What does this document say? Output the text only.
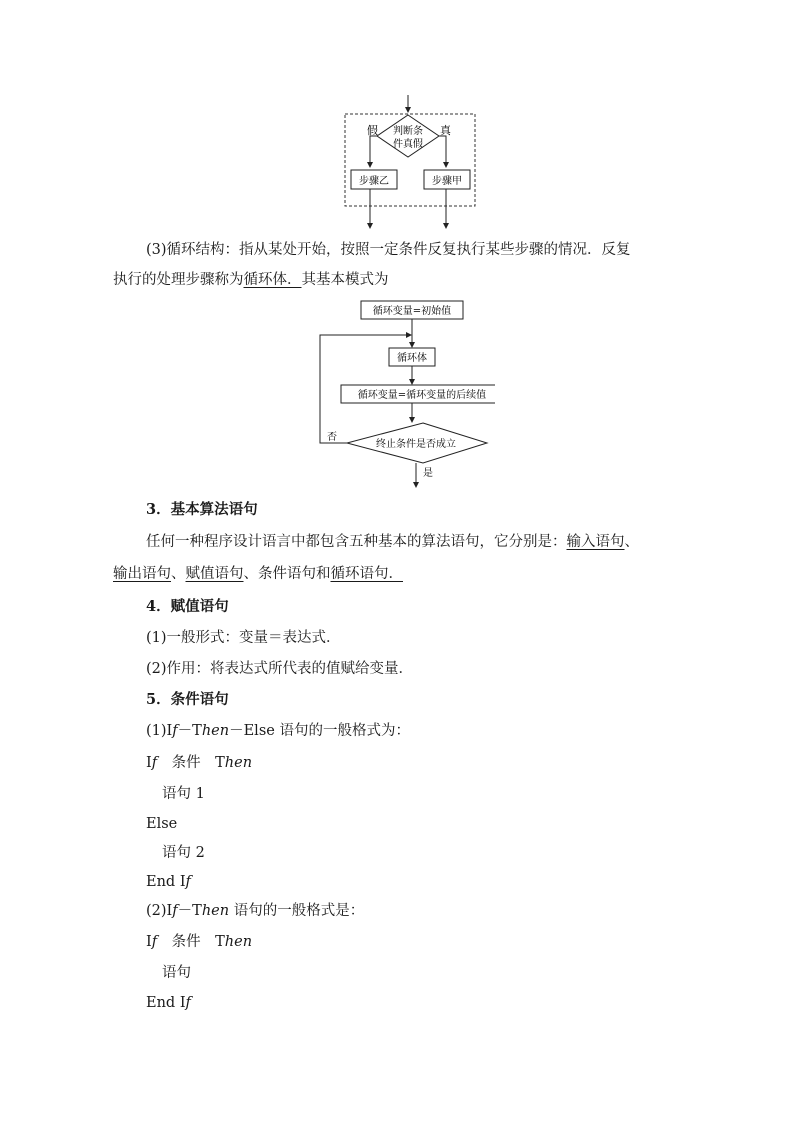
判断条
件真假
假	真
步骤乙	步骤甲
(3)循环结构：指从某处开始，按照一定条件反复执行某些步骤的情况．反复
执行的处理步骤称为循环体．其基本模式为
循环变量=初始值
循环体
循环变量=循环变量的后续值
终止条件是否成立
否
是
3．基本算法语句
任何一种程序设计语言中都包含五种基本的算法语句，它分别是：输入语句、
输出语句、赋值语句、条件语句和循环语句．
4．赋值语句
(1)一般形式：变量＝表达式．
(2)作用：将表达式所代表的值赋给变量．
5．条件语句
(1)If－Then－Else 语句的一般格式为：
If　条件　Then
语句 1
Else
语句 2
End If
(2)If－Then 语句的一般格式是：
If　条件　Then
语句
End If
